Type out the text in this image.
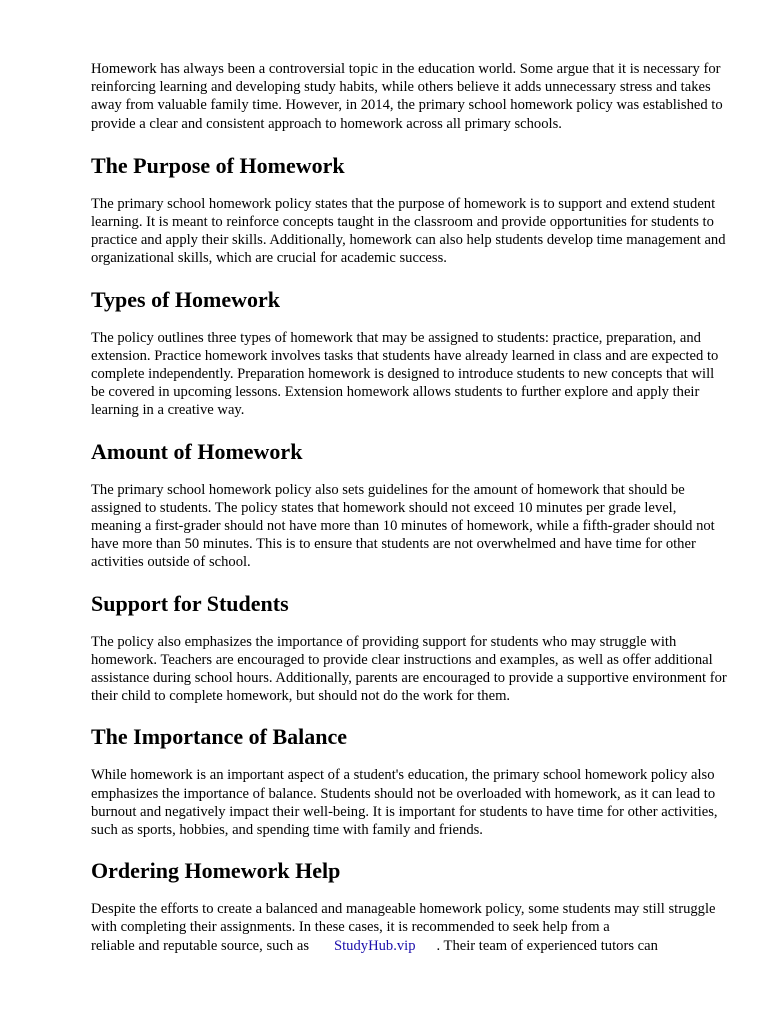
Homework has always been a controversial topic in the education world. Some argue that it is necessary for reinforcing learning and developing study habits, while others believe it adds unnecessary stress and takes away from valuable family time. However, in 2014, the primary school homework policy was established to provide a clear and consistent approach to homework across all primary schools.

The Purpose of Homework

The primary school homework policy states that the purpose of homework is to support and extend student learning. It is meant to reinforce concepts taught in the classroom and provide opportunities for students to practice and apply their skills. Additionally, homework can also help students develop time management and organizational skills, which are crucial for academic success.

Types of Homework

The policy outlines three types of homework that may be assigned to students: practice, preparation, and extension. Practice homework involves tasks that students have already learned in class and are expected to complete independently. Preparation homework is designed to introduce students to new concepts that will be covered in upcoming lessons. Extension homework allows students to further explore and apply their learning in a creative way.

Amount of Homework

The primary school homework policy also sets guidelines for the amount of homework that should be assigned to students. The policy states that homework should not exceed 10 minutes per grade level, meaning a first-grader should not have more than 10 minutes of homework, while a fifth-grader should not have more than 50 minutes. This is to ensure that students are not overwhelmed and have time for other activities outside of school.

Support for Students

The policy also emphasizes the importance of providing support for students who may struggle with homework. Teachers are encouraged to provide clear instructions and examples, as well as offer additional assistance during school hours. Additionally, parents are encouraged to provide a supportive environment for their child to complete homework, but should not do the work for them.

The Importance of Balance

While homework is an important aspect of a student's education, the primary school homework policy also emphasizes the importance of balance. Students should not be overloaded with homework, as it can lead to burnout and negatively impact their well-being. It is important for students to have time for other activities, such as sports, hobbies, and spending time with family and friends.

Ordering Homework Help

Despite the efforts to create a balanced and manageable homework policy, some students may still struggle with completing their assignments. In these cases, it is recommended to seek help from a

reliable and reputable source, such as StudyHub.vip . Their team of experienced tutors can
